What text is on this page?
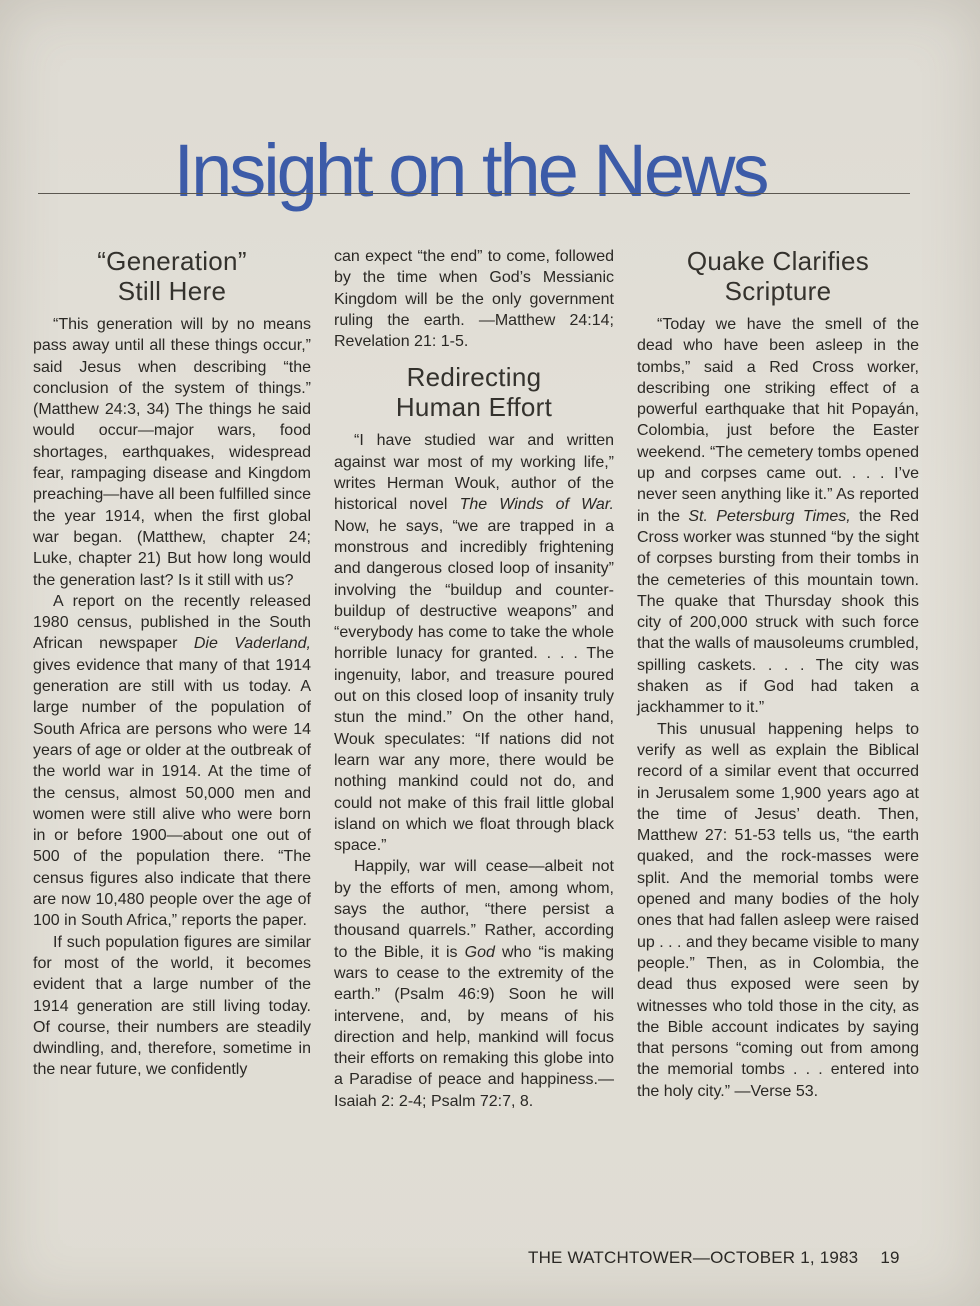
Insight on the News
“Generation”
Still Here

“This generation will by no means pass away until all these things occur,” said Jesus when describing “the conclusion of the system of things.” (Matthew 24:3, 34) The things he said would occur—major wars, food shortages, earthquakes, widespread fear, rampaging disease and Kingdom preaching—have all been fulfilled since the year 1914, when the first global war began. (Matthew, chapter 24; Luke, chapter 21) But how long would the generation last? Is it still with us?

A report on the recently released 1980 census, published in the South African newspaper Die Vaderland, gives evidence that many of that 1914 generation are still with us today. A large number of the population of South Africa are persons who were 14 years of age or older at the outbreak of the world war in 1914. At the time of the census, almost 50,000 men and women were still alive who were born in or before 1900—about one out of 500 of the population there. “The census figures also indicate that there are now 10,480 people over the age of 100 in South Africa,” reports the paper.

If such population figures are similar for most of the world, it becomes evident that a large number of the 1914 generation are still living today. Of course, their numbers are steadily dwindling, and, therefore, sometime in the near future, we confidently

can expect “the end” to come, followed by the time when God’s Messianic Kingdom will be the only government ruling the earth. —Matthew 24:14; Revelation 21: 1-5.

Redirecting
Human Effort

“I have studied war and written against war most of my working life,” writes Herman Wouk, author of the historical novel The Winds of War. Now, he says, “we are trapped in a monstrous and incredibly frightening and dangerous closed loop of insanity” involving the “buildup and counter-buildup of destructive weapons” and “everybody has come to take the whole horrible lunacy for granted. . . . The ingenuity, labor, and treasure poured out on this closed loop of insanity truly stun the mind.” On the other hand, Wouk speculates: “If nations did not learn war any more, there would be nothing mankind could not do, and could not make of this frail little global island on which we float through black space.”

Happily, war will cease—albeit not by the efforts of men, among whom, says the author, “there persist a thousand quarrels.” Rather, according to the Bible, it is God who “is making wars to cease to the extremity of the earth.” (Psalm 46:9) Soon he will intervene, and, by means of his direction and help, mankind will focus their efforts on remaking this globe into a Paradise of peace and happiness.—Isaiah 2: 2-4; Psalm 72:7, 8.

Quake Clarifies
Scripture

“Today we have the smell of the dead who have been asleep in the tombs,” said a Red Cross worker, describing one striking effect of a powerful earthquake that hit Popayán, Colombia, just before the Easter weekend. “The cemetery tombs opened up and corpses came out. . . . I’ve never seen anything like it.” As reported in the St. Petersburg Times, the Red Cross worker was stunned “by the sight of corpses bursting from their tombs in the cemeteries of this mountain town. The quake that Thursday shook this city of 200,000 struck with such force that the walls of mausoleums crumbled, spilling caskets. . . . The city was shaken as if God had taken a jackhammer to it.”

This unusual happening helps to verify as well as explain the Biblical record of a similar event that occurred in Jerusalem some 1,900 years ago at the time of Jesus’ death. Then, Matthew 27: 51-53 tells us, “the earth quaked, and the rock-masses were split. And the memorial tombs were opened and many bodies of the holy ones that had fallen asleep were raised up . . . and they became visible to many people.” Then, as in Colombia, the dead thus exposed were seen by witnesses who told those in the city, as the Bible account indicates by saying that persons “coming out from among the memorial tombs . . . entered into the holy city.” —Verse 53.

THE WATCHTOWER—OCTOBER 1, 1983 19
